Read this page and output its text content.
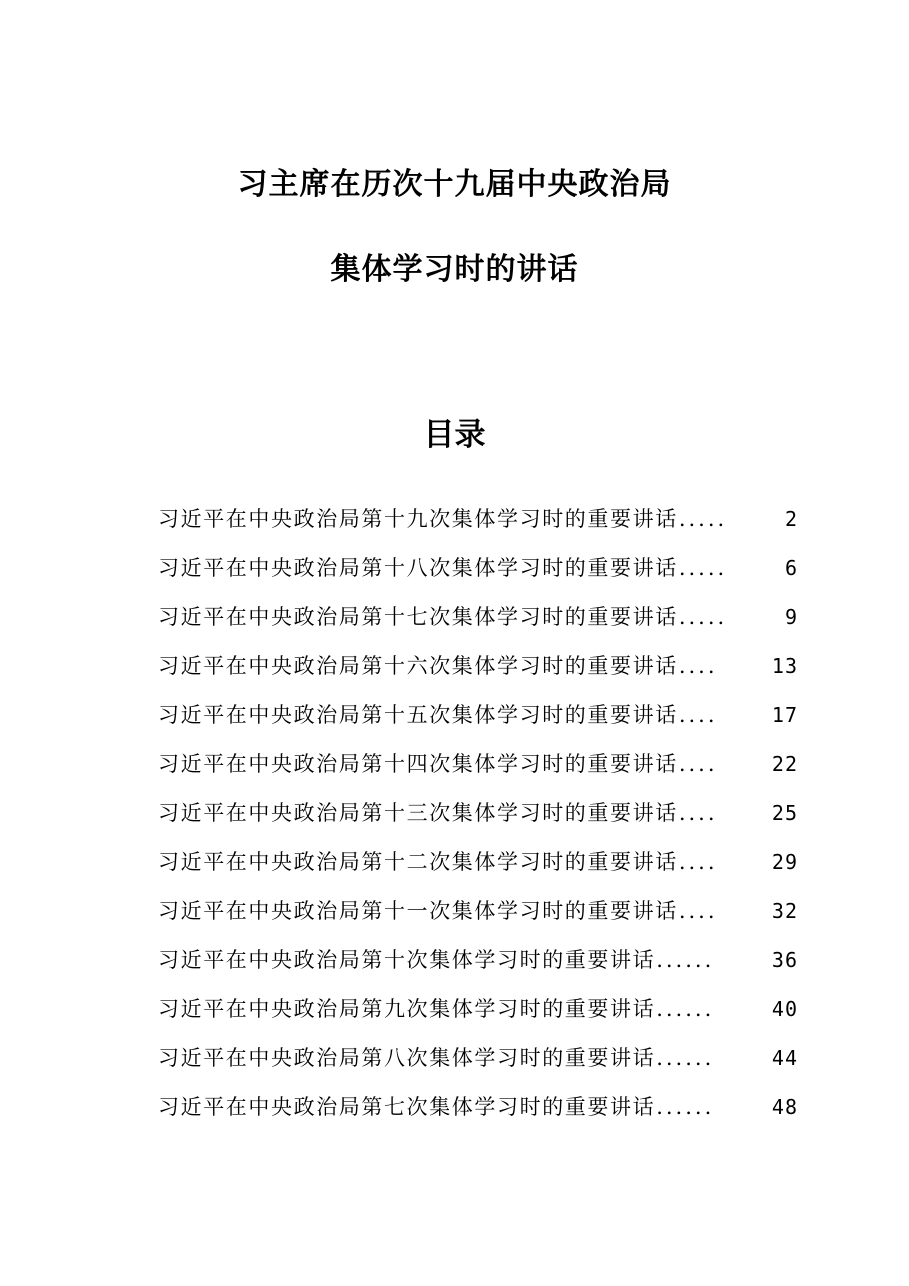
习主席在历次十九届中央政治局
集体学习时的讲话
目录
习近平在中央政治局第十九次集体学习时的重要讲话 .....	2
习近平在中央政治局第十八次集体学习时的重要讲话 .....	6
习近平在中央政治局第十七次集体学习时的重要讲话 .....	9
习近平在中央政治局第十六次集体学习时的重要讲话 ....	13
习近平在中央政治局第十五次集体学习时的重要讲话 ....	17
习近平在中央政治局第十四次集体学习时的重要讲话 ....	22
习近平在中央政治局第十三次集体学习时的重要讲话 ....	25
习近平在中央政治局第十二次集体学习时的重要讲话 ....	29
习近平在中央政治局第十一次集体学习时的重要讲话 ....	32
习近平在中央政治局第十次集体学习时的重要讲话 ......	36
习近平在中央政治局第九次集体学习时的重要讲话 ......	40
习近平在中央政治局第八次集体学习时的重要讲话 ......	44
习近平在中央政治局第七次集体学习时的重要讲话 ......	48
